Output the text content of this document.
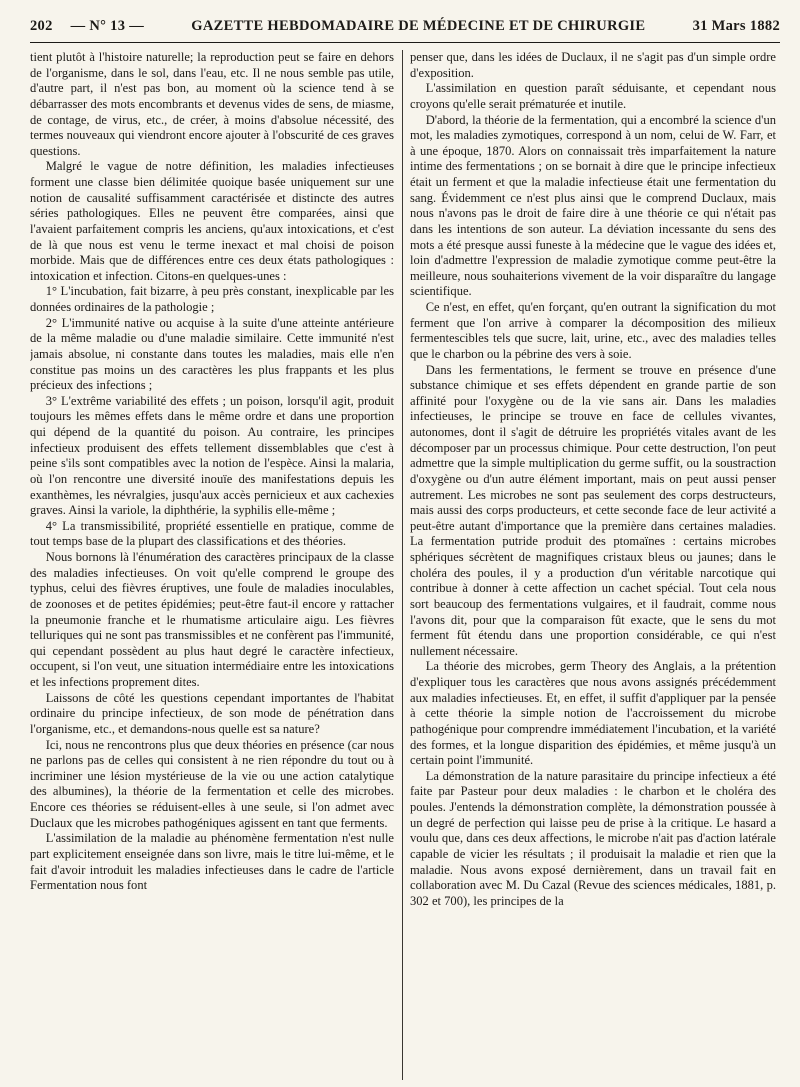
202 — N° 13 —	GAZETTE HEBDOMADAIRE DE MÉDECINE ET DE CHIRURGIE	31 Mars 1882

tient plutôt à l'histoire naturelle; la reproduction peut se faire en dehors de l'organisme, dans le sol, dans l'eau, etc. Il ne nous semble pas utile, d'autre part, il n'est pas bon, au moment où la science tend à se débarrasser des mots encombrants et devenus vides de sens, de miasme, de contage, de virus, etc., de créer, à moins d'absolue nécessité, des termes nouveaux qui viendront encore ajouter à l'obscurité de ces graves questions.

Malgré le vague de notre définition, les maladies infectieuses forment une classe bien délimitée quoique basée uniquement sur une notion de causalité suffisamment caractérisée et distincte des autres séries pathologiques. Elles ne peuvent être comparées, ainsi que l'avaient parfaitement compris les anciens, qu'aux intoxications, et c'est de là que nous est venu le terme inexact et mal choisi de poison morbide. Mais que de différences entre ces deux états pathologiques : intoxication et infection. Citons-en quelques-unes :

1° L'incubation, fait bizarre, à peu près constant, inexplicable par les données ordinaires de la pathologie ;

2° L'immunité native ou acquise à la suite d'une atteinte antérieure de la même maladie ou d'une maladie similaire. Cette immunité n'est jamais absolue, ni constante dans toutes les maladies, mais elle n'en constitue pas moins un des caractères les plus frappants et les plus précieux des infections ;

3° L'extrême variabilité des effets ; un poison, lorsqu'il agit, produit toujours les mêmes effets dans le même ordre et dans une proportion qui dépend de la quantité du poison. Au contraire, les principes infectieux produisent des effets tellement dissemblables que c'est à peine s'ils sont compatibles avec la notion de l'espèce. Ainsi la malaria, où l'on rencontre une diversité inouïe des manifestations depuis les exanthèmes, les névralgies, jusqu'aux accès pernicieux et aux cachexies graves. Ainsi la variole, la diphthérie, la syphilis elle-même ;

4° La transmissibilité, propriété essentielle en pratique, comme de tout temps base de la plupart des classifications et des théories.

Nous bornons là l'énumération des caractères principaux de la classe des maladies infectieuses. On voit qu'elle comprend le groupe des typhus, celui des fièvres éruptives, une foule de maladies inoculables, de zoonoses et de petites épidémies; peut-être faut-il encore y rattacher la pneumonie franche et le rhumatisme articulaire aigu. Les fièvres telluriques qui ne sont pas transmissibles et ne confèrent pas l'immunité, qui cependant possèdent au plus haut degré le caractère infectieux, occupent, si l'on veut, une situation intermédiaire entre les intoxications et les infections proprement dites.

Laissons de côté les questions cependant importantes de l'habitat ordinaire du principe infectieux, de son mode de pénétration dans l'organisme, etc., et demandons-nous quelle est sa nature?

Ici, nous ne rencontrons plus que deux théories en présence (car nous ne parlons pas de celles qui consistent à ne rien répondre du tout ou à incriminer une lésion mystérieuse de la vie ou une action catalytique des albumines), la théorie de la fermentation et celle des microbes. Encore ces théories se réduisent-elles à une seule, si l'on admet avec Duclaux que les microbes pathogéniques agissent en tant que ferments.

L'assimilation de la maladie au phénomène fermentation n'est nulle part explicitement enseignée dans son livre, mais le titre lui-même, et le fait d'avoir introduit les maladies infectieuses dans le cadre de l'article Fermentation nous font

penser que, dans les idées de Duclaux, il ne s'agit pas d'un simple ordre d'exposition.

L'assimilation en question paraît séduisante, et cependant nous croyons qu'elle serait prématurée et inutile.

D'abord, la théorie de la fermentation, qui a encombré la science d'un mot, les maladies zymotiques, correspond à un nom, celui de W. Farr, et à une époque, 1870. Alors on connaissait très imparfaitement la nature intime des fermentations ; on se bornait à dire que le principe infectieux était un ferment et que la maladie infectieuse était une fermentation du sang. Évidemment ce n'est plus ainsi que le comprend Duclaux, mais nous n'avons pas le droit de faire dire à une théorie ce qui n'était pas dans les intentions de son auteur. La déviation incessante du sens des mots a été presque aussi funeste à la médecine que le vague des idées et, loin d'admettre l'expression de maladie zymotique comme peut-être la meilleure, nous souhaiterions vivement de la voir disparaître du langage scientifique.

Ce n'est, en effet, qu'en forçant, qu'en outrant la signification du mot ferment que l'on arrive à comparer la décomposition des milieux fermentescibles tels que sucre, lait, urine, etc., avec des maladies telles que le charbon ou la pébrine des vers à soie.

Dans les fermentations, le ferment se trouve en présence d'une substance chimique et ses effets dépendent en grande partie de son affinité pour l'oxygène ou de la vie sans air. Dans les maladies infectieuses, le principe se trouve en face de cellules vivantes, autonomes, dont il s'agit de détruire les propriétés vitales avant de les décomposer par un processus chimique. Pour cette destruction, l'on peut admettre que la simple multiplication du germe suffit, ou la soustraction d'oxygène ou d'un autre élément important, mais on peut aussi penser autrement. Les microbes ne sont pas seulement des corps destructeurs, mais aussi des corps producteurs, et cette seconde face de leur activité a peut-être autant d'importance que la première dans certaines maladies. La fermentation putride produit des ptomaïnes : certains microbes sphériques sécrètent de magnifiques cristaux bleus ou jaunes; dans le choléra des poules, il y a production d'un véritable narcotique qui contribue à donner à cette affection un cachet spécial. Tout cela nous sort beaucoup des fermentations vulgaires, et il faudrait, comme nous l'avons dit, pour que la comparaison fût exacte, que le sens du mot ferment fût étendu dans une proportion considérable, ce qui n'est nullement nécessaire.

La théorie des microbes, germ Theory des Anglais, a la prétention d'expliquer tous les caractères que nous avons assignés précédemment aux maladies infectieuses. Et, en effet, il suffit d'appliquer par la pensée à cette théorie la simple notion de l'accroissement du microbe pathogénique pour comprendre immédiatement l'incubation, et la variété des formes, et la longue disparition des épidémies, et même jusqu'à un certain point l'immunité.

La démonstration de la nature parasitaire du principe infectieux a été faite par Pasteur pour deux maladies : le charbon et le choléra des poules. J'entends la démonstration complète, la démonstration poussée à un degré de perfection qui laisse peu de prise à la critique. Le hasard a voulu que, dans ces deux affections, le microbe n'ait pas d'action latérale capable de vicier les résultats ; il produisait la maladie et rien que la maladie. Nous avons exposé dernièrement, dans un travail fait en collaboration avec M. Du Cazal (Revue des sciences médicales, 1881, p. 302 et 700), les principes de la
